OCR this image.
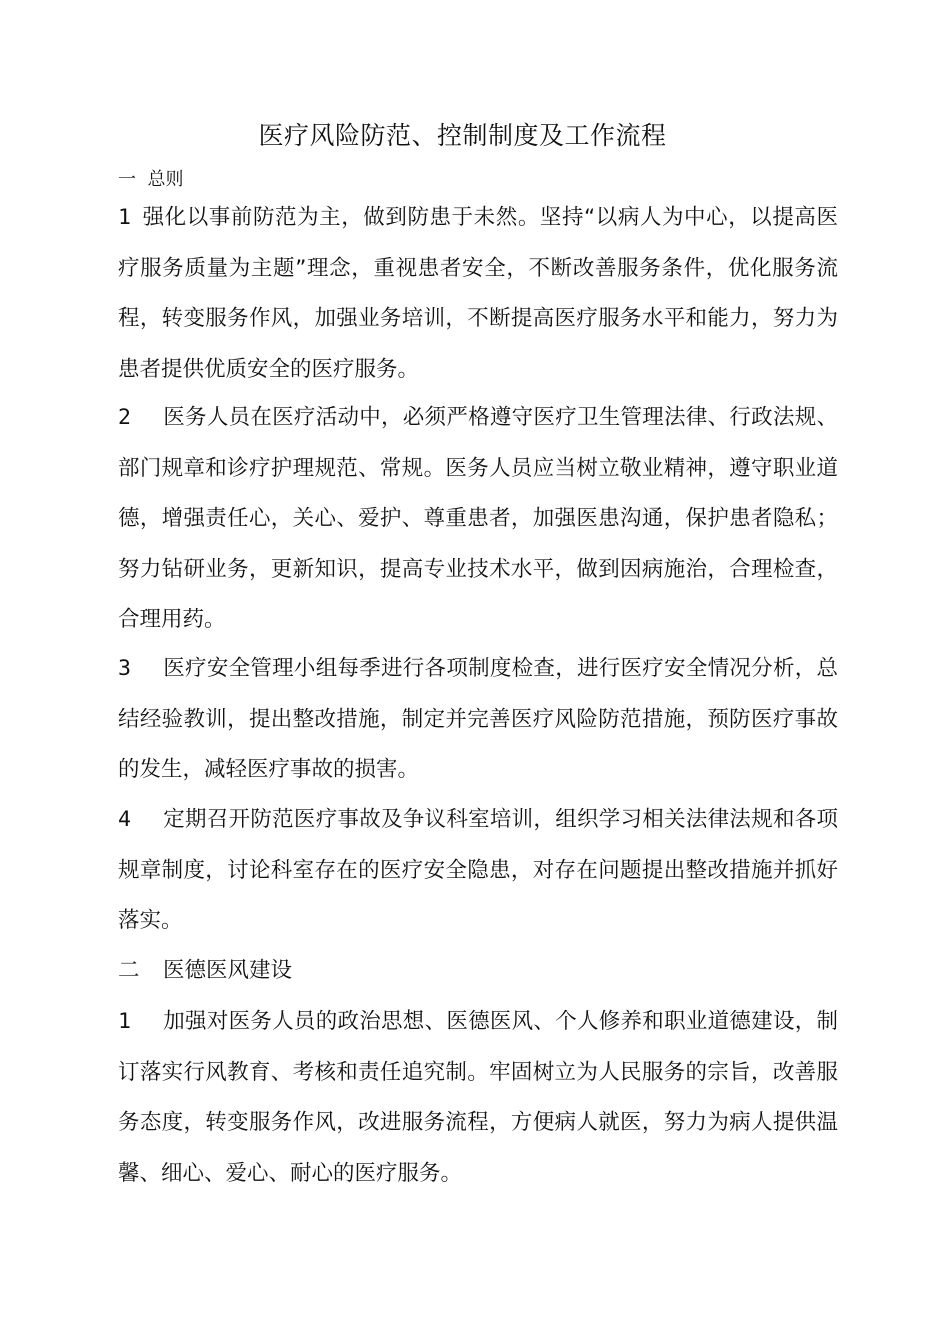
医疗风险防范、控制制度及工作流程
一  总则
1 强化以事前防范为主，做到防患于未然。坚持“以病人为中心，以提高医疗服务质量为主题”理念，重视患者安全，不断改善服务条件，优化服务流程，转变服务作风，加强业务培训，不断提高医疗服务水平和能力，努力为患者提供优质安全的医疗服务。
2 医务人员在医疗活动中，必须严格遵守医疗卫生管理法律、行政法规、部门规章和诊疗护理规范、常规。医务人员应当树立敬业精神，遵守职业道德，增强责任心，关心、爱护、尊重患者，加强医患沟通，保护患者隐私；努力钻研业务，更新知识，提高专业技术水平，做到因病施治，合理检查，合理用药。
3 医疗安全管理小组每季进行各项制度检查，进行医疗安全情况分析，总结经验教训，提出整改措施，制定并完善医疗风险防范措施，预防医疗事故的发生，减轻医疗事故的损害。
4 定期召开防范医疗事故及争议科室培训，组织学习相关法律法规和各项规章制度，讨论科室存在的医疗安全隐患，对存在问题提出整改措施并抓好落实。
二 医德医风建设
1 加强对医务人员的政治思想、医德医风、个人修养和职业道德建设，制订落实行风教育、考核和责任追究制。牢固树立为人民服务的宗旨，改善服务态度，转变服务作风，改进服务流程，方便病人就医，努力为病人提供温馨、细心、爱心、耐心的医疗服务。
